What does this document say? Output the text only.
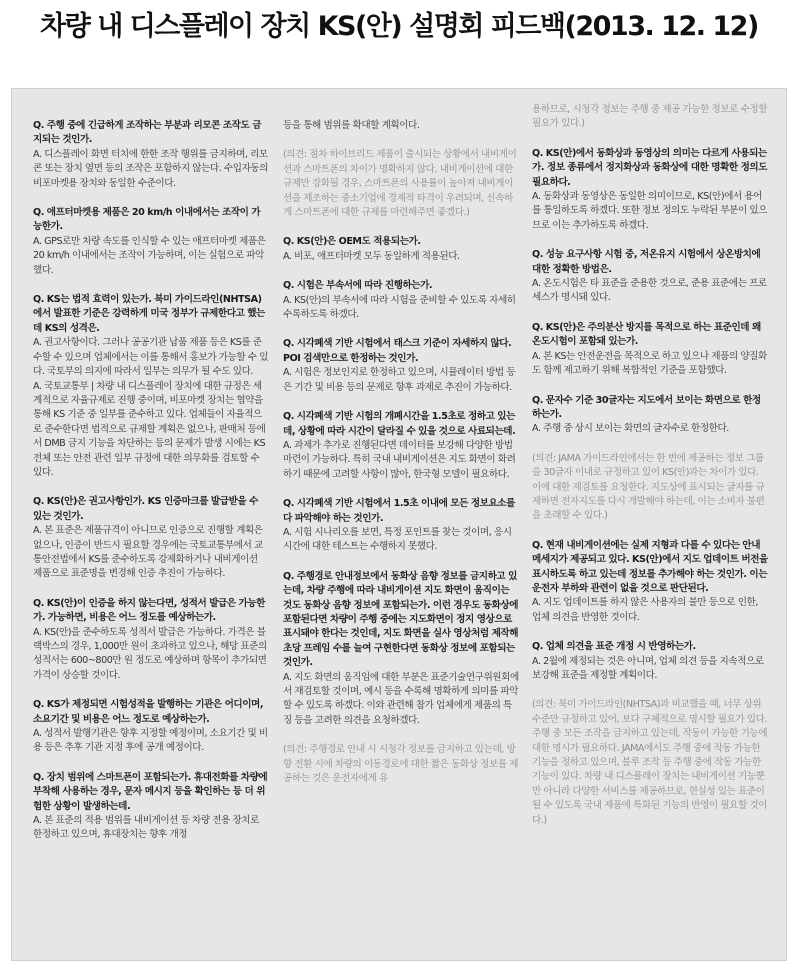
차량 내 디스플레이 장치 KS(안) 설명회 피드백(2013. 12. 12)

Q. 주행 중에 긴급하게 조작하는 부분과 리모콘 조작도 금지되는 것인가.

A. 디스플레이 화면 터치에 한한 조작 행위를 금지하며, 리모콘 또는 장치 옆면 등의 조작은 포함하지 않는다. 수입자동의 비포마켓용 장치와 동일한 수준이다.

Q. 애프터마켓용 제품은 20 km/h 이내에서는 조작이 가능한가.

A. GPS로만 차량 속도를 인식할 수 있는 애프터마켓 제품은 20 km/h 이내에서는 조작이 가능하며, 이는 실험으로 파악했다.

Q. KS는 법적 효력이 있는가. 북미 가이드라인(NHTSA)에서 발표한 기준은 강력하게 미국 정부가 규제한다고 했는데 KS의 성격은.

A. 권고사항이다. 그러나 공공기관 납품 제품 등은 KS를 준수할 수 있으며 업체에서는 이를 통해서 홍보가 가능할 수 있다. 국토부의 의지에 따라서 일부는 의무가 될 수도 있다.

A. 국토교통부 | 차량 내 디스플레이 장치에 대한 규정은 세계적으로 자율규제로 진행 중이며, 비포마켓 장치는 협약을 통해 KS 기준 중 일부를 준수하고 있다. 업체들이 자율적으로 준수한다면 법적으로 규제할 계획은 없으나, 판매처 등에서 DMB 금지 기능을 차단하는 등의 문제가 발생 시에는 KS 전체 또는 안전 관련 일부 규정에 대한 의무화를 검토할 수 있다.

Q. KS(안)은 권고사항인가. KS 인증마크를 발급받을 수 있는 것인가.

A. 본 표준은 제품규격이 아니므로 인증으로 진행할 계획은 없으나, 인증이 반드시 필요할 경우에는 국토교통부에서 교통안전법에서 KS를 준수하도록 강제화하거나 내비게이션 제품으로 표준명을 변경해 인증 추진이 가능하다.

Q. KS(안)이 인증을 하지 않는다면, 성적서 발급은 가능한가. 가능하면, 비용은 어느 정도를 예상하는가.

A. KS(안)을 준수하도록 성적서 발급은 가능하다. 가격은 블랙박스의 경우, 1,000만 원이 초과하고 있으나, 해당 표준의 성적서는 600~800만 원 정도로 예상하며 항목이 추가되면 가격이 상승할 것이다.

Q. KS가 제정되면 시험성적을 발행하는 기관은 어디이며, 소요기간 및 비용은 어느 정도로 예상하는가.

A. 성적서 발행기관은 향후 지정할 예정이며, 소요기간 및 비용 등은 추후 기관 지정 후에 공개 예정이다.

Q. 장치 범위에 스마트폰이 포함되는가. 휴대전화를 차량에 부착해 사용하는 경우, 문자 메시지 등을 확인하는 등 더 위험한 상황이 발생하는데.

A. 본 표준의 적용 범위를 내비게이션 등 차량 전용 장치로 한정하고 있으며, 휴대장치는 향후 개정

등을 통해 범위를 확대할 계획이다.

(의견: 점차 하이브리드 제품이 출시되는 상황에서 내비게이션과 스마트폰의 차이가 명확하지 않다. 내비게이션에 대한 규제만 강화될 경우, 스마트폰의 사용률이 높아져 내비게이션을 제조하는 중소기업에 경제적 타격이 우려되며, 신속하게 스마트폰에 대한 규제를 마련해주면 좋겠다.)

Q. KS(안)은 OEM도 적용되는가.

A. 비포, 애프터마켓 모두 동일하게 적용된다.

Q. 시험은 부속서에 따라 진행하는가.

A. KS(안)의 부속서에 따라 시험을 준비할 수 있도록 자세히 수록하도록 하겠다.

Q. 시각폐색 기반 시험에서 태스크 기준이 자세하지 않다. POI 검색만으로 한정하는 것인가.

A. 시험은 정보인지로 한정하고 있으며, 시뮬레이터 방법 등은 기간 및 비용 등의 문제로 향후 과제로 추진이 가능하다.

Q. 시각폐색 기반 시험의 개폐시간을 1.5초로 정하고 있는데, 상황에 따라 시간이 달라질 수 있을 것으로 사료되는데.

A. 과제가 추가로 진행된다면 데이터를 보강해 다양한 방법 마련이 가능하다. 특히 국내 내비게이션은 지도 화면이 화려하기 때문에 고려할 사항이 많아, 한국형 모델이 필요하다.

Q. 시각폐색 기반 시험에서 1.5초 이내에 모든 정보요소를 다 파악해야 하는 것인가.

A. 시험 시나리오를 보면, 특정 포인트를 찾는 것이며, 응시시간에 대한 테스트는 수행하지 못했다.

Q. 주행경로 안내정보에서 동화상 음향 정보를 금지하고 있는데, 차량 주행에 따라 내비게이션 지도 화면이 움직이는 것도 동화상 음향 정보에 포함되는가. 이런 경우도 동화상에 포함된다면 차량이 주행 중에는 지도화면이 정지 영상으로 표시돼야 한다는 것인데, 지도 화면을 실사 영상처럼 제작해 초당 프레임 수를 늘여 구현한다면 동화상 정보에 포함되는 것인가.

A. 지도 화면의 움직임에 대한 부분은 표준기술연구위원회에서 재검토할 것이며, 예시 등을 수록해 명확하게 의미를 파악할 수 있도록 하겠다. 이와 관련해 참가 업체에게 제품의 특징 등을 고려한 의견을 요청하겠다.

(의견: 주행경로 안내 시 시청각 정보를 금지하고 있는데, 방향 전환 시에 차량의 이동경로에 대한 짧은 동화상 정보를 제공하는 것은 운전자에게 유

용하므로, 시청각 정보는 주행 중 제공 가능한 정보로 수정할 필요가 있다.)

Q. KS(안)에서 동화상과 동영상의 의미는 다르게 사용되는가. 정보 종류에서 정지화상과 동화상에 대한 명확한 정의도 필요하다.

A. 동화상과 동영상은 동일한 의미이므로, KS(안)에서 용어를 통일하도록 하겠다. 또한 정보 정의도 누락된 부분이 있으므로 이는 추가하도록 하겠다.

Q. 성능 요구사항 시험 중, 저온유지 시험에서 상온방치에 대한 정확한 방법은.

A. 온도시험은 타 표준을 준용한 것으로, 준용 표준에는 프로세스가 명시돼 있다.

Q. KS(안)은 주의분산 방지를 목적으로 하는 표준인데 왜 온도시험이 포함돼 있는가.

A. 본 KS는 안전운전을 목적으로 하고 있으나 제품의 양질화도 함께 제고하기 위해 복합적인 기준을 포함했다.

Q. 문자수 기준 30글자는 지도에서 보이는 화면으로 한정하는가.

A. 주행 중 상시 보이는 화면의 글자수로 한정한다.

(의견: JAMA 가이드라인에서는 한 번에 제공하는 정보 그룹을 30글자 이내로 규정하고 있어 KS(안)과는 차이가 있다. 이에 대한 재검토를 요청한다. 지도상에 표시되는 글자를 규제하면 전자지도를 다시 개발해야 하는데, 이는 소비자 불편을 초래할 수 있다.)

Q. 현재 내비게이션에는 실제 지형과 다를 수 있다는 안내 메세지가 제공되고 있다. KS(안)에서 지도 업데이트 버전을 표시하도록 하고 있는데 정보를 추가해야 하는 것인가. 이는 운전자 부하와 관련이 없을 것으로 판단된다.

A. 지도 업데이트를 하지 않은 사용자의 불만 등으로 인한, 업체 의견을 반영한 것이다.

Q. 업체 의견을 표준 개정 시 반영하는가.

A. 2월에 제정되는 것은 아니며, 업체 의견 등을 지속적으로 보강해 표준을 제정할 계획이다.

(의견: 북미 가이드라인(NHTSA)과 비교했을 때, 너무 상위수준만 규정하고 있어, 보다 구체적으로 명시할 필요가 있다. 주행 중 모든 조작을 금지하고 있는데, 작동이 가능한 기능에 대한 명시가 필요하다. JAMA에서도 주행 중에 작동 가능한 기능을 정하고 있으며, 블루 조작 등 주행 중에 작동 가능한 기능이 있다. 차량 내 디스플레이 장치는 내비게이션 기능뿐만 아니라 다양한 서비스를 제공하므로, 현실성 있는 표준이 될 수 있도록 국내 제품에 특화된 기능의 반영이 필요할 것이다.)
